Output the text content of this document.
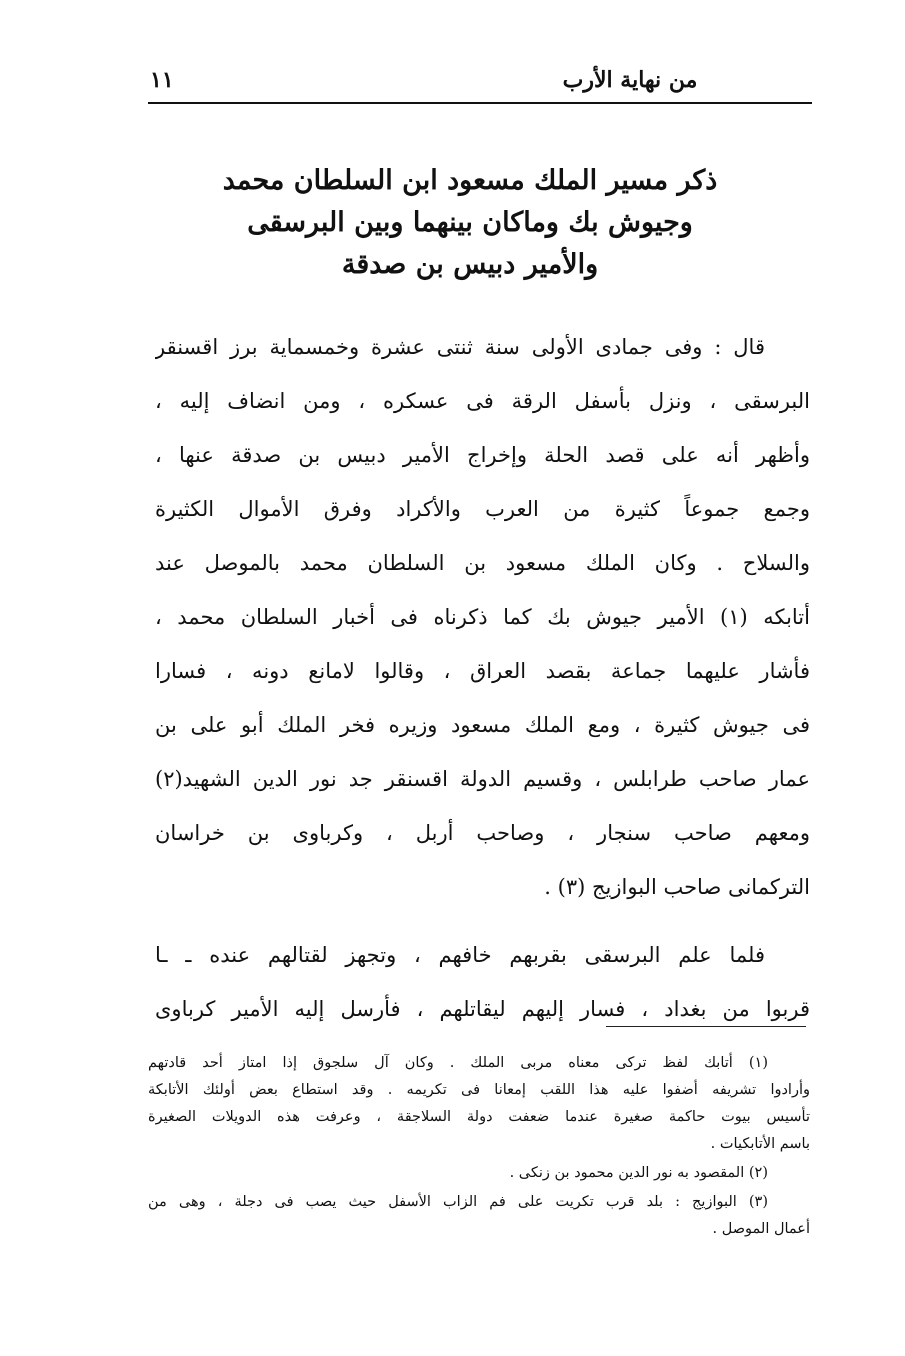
١١	من نهاية الأرب
ذكر مسير الملك مسعود ابن السلطان محمد
وجيوش بك وماكان بينهما وبين البرسقى
والأمير دبيس بن صدقة
قال : وفى جمادى الأولى سنة ثنتى عشرة وخمسماية برز اقسنقر
البرسقى ، ونزل بأسفل الرقة فى عسكره ، ومن انضاف إليه ،
وأظهر أنه على قصد الحلة وإخراج الأمير دبيس بن صدقة عنها ،
وجمع جموعاً كثيرة من العرب والأكراد وفرق الأموال الكثيرة
والسلاح . وكان الملك مسعود بن السلطان محمد بالموصل عند
أتابكه (١) الأمير جيوش بك كما ذكرناه فى أخبار السلطان محمد ،
فأشار عليهما جماعة بقصد العراق ، وقالوا لامانع دونه ، فسارا
فى جيوش كثيرة ، ومع الملك مسعود وزيره فخر الملك أبو على بن
عمار صاحب طرابلس ، وقسيم الدولة اقسنقر جد نور الدين الشهيد(٢)
ومعهم صاحب سنجار ، وصاحب أربل ، وكرباوى بن خراسان
التركمانى صاحب البوازيج (٣) .
فلما علم البرسقى بقربهم خافهم ، وتجهز لقتالهم عنده ـ ـا
قربوا من بغداد ، فسار إليهم ليقاتلهم ، فأرسل إليه الأمير كرباوى
(١) أتابك لفظ تركى معناه مربى الملك . وكان آل سلجوق إذا امتاز أحد قادتهم
وأرادوا تشريفه أضفوا عليه هذا اللقب إمعانا فى تكريمه . وقد استطاع بعض أولئك الأتابكة
تأسيس بيوت حاكمة صغيرة عندما ضعفت دولة السلاجقة ، وعرفت هذه الدويلات الصغيرة
باسم الأتابكيات .
(٢) المقصود به نور الدين محمود بن زنكى .
(٣) البوازيج : بلد قرب تكريت على فم الزاب الأسفل حيث يصب فى دجلة ، وهى من
أعمال الموصل .
